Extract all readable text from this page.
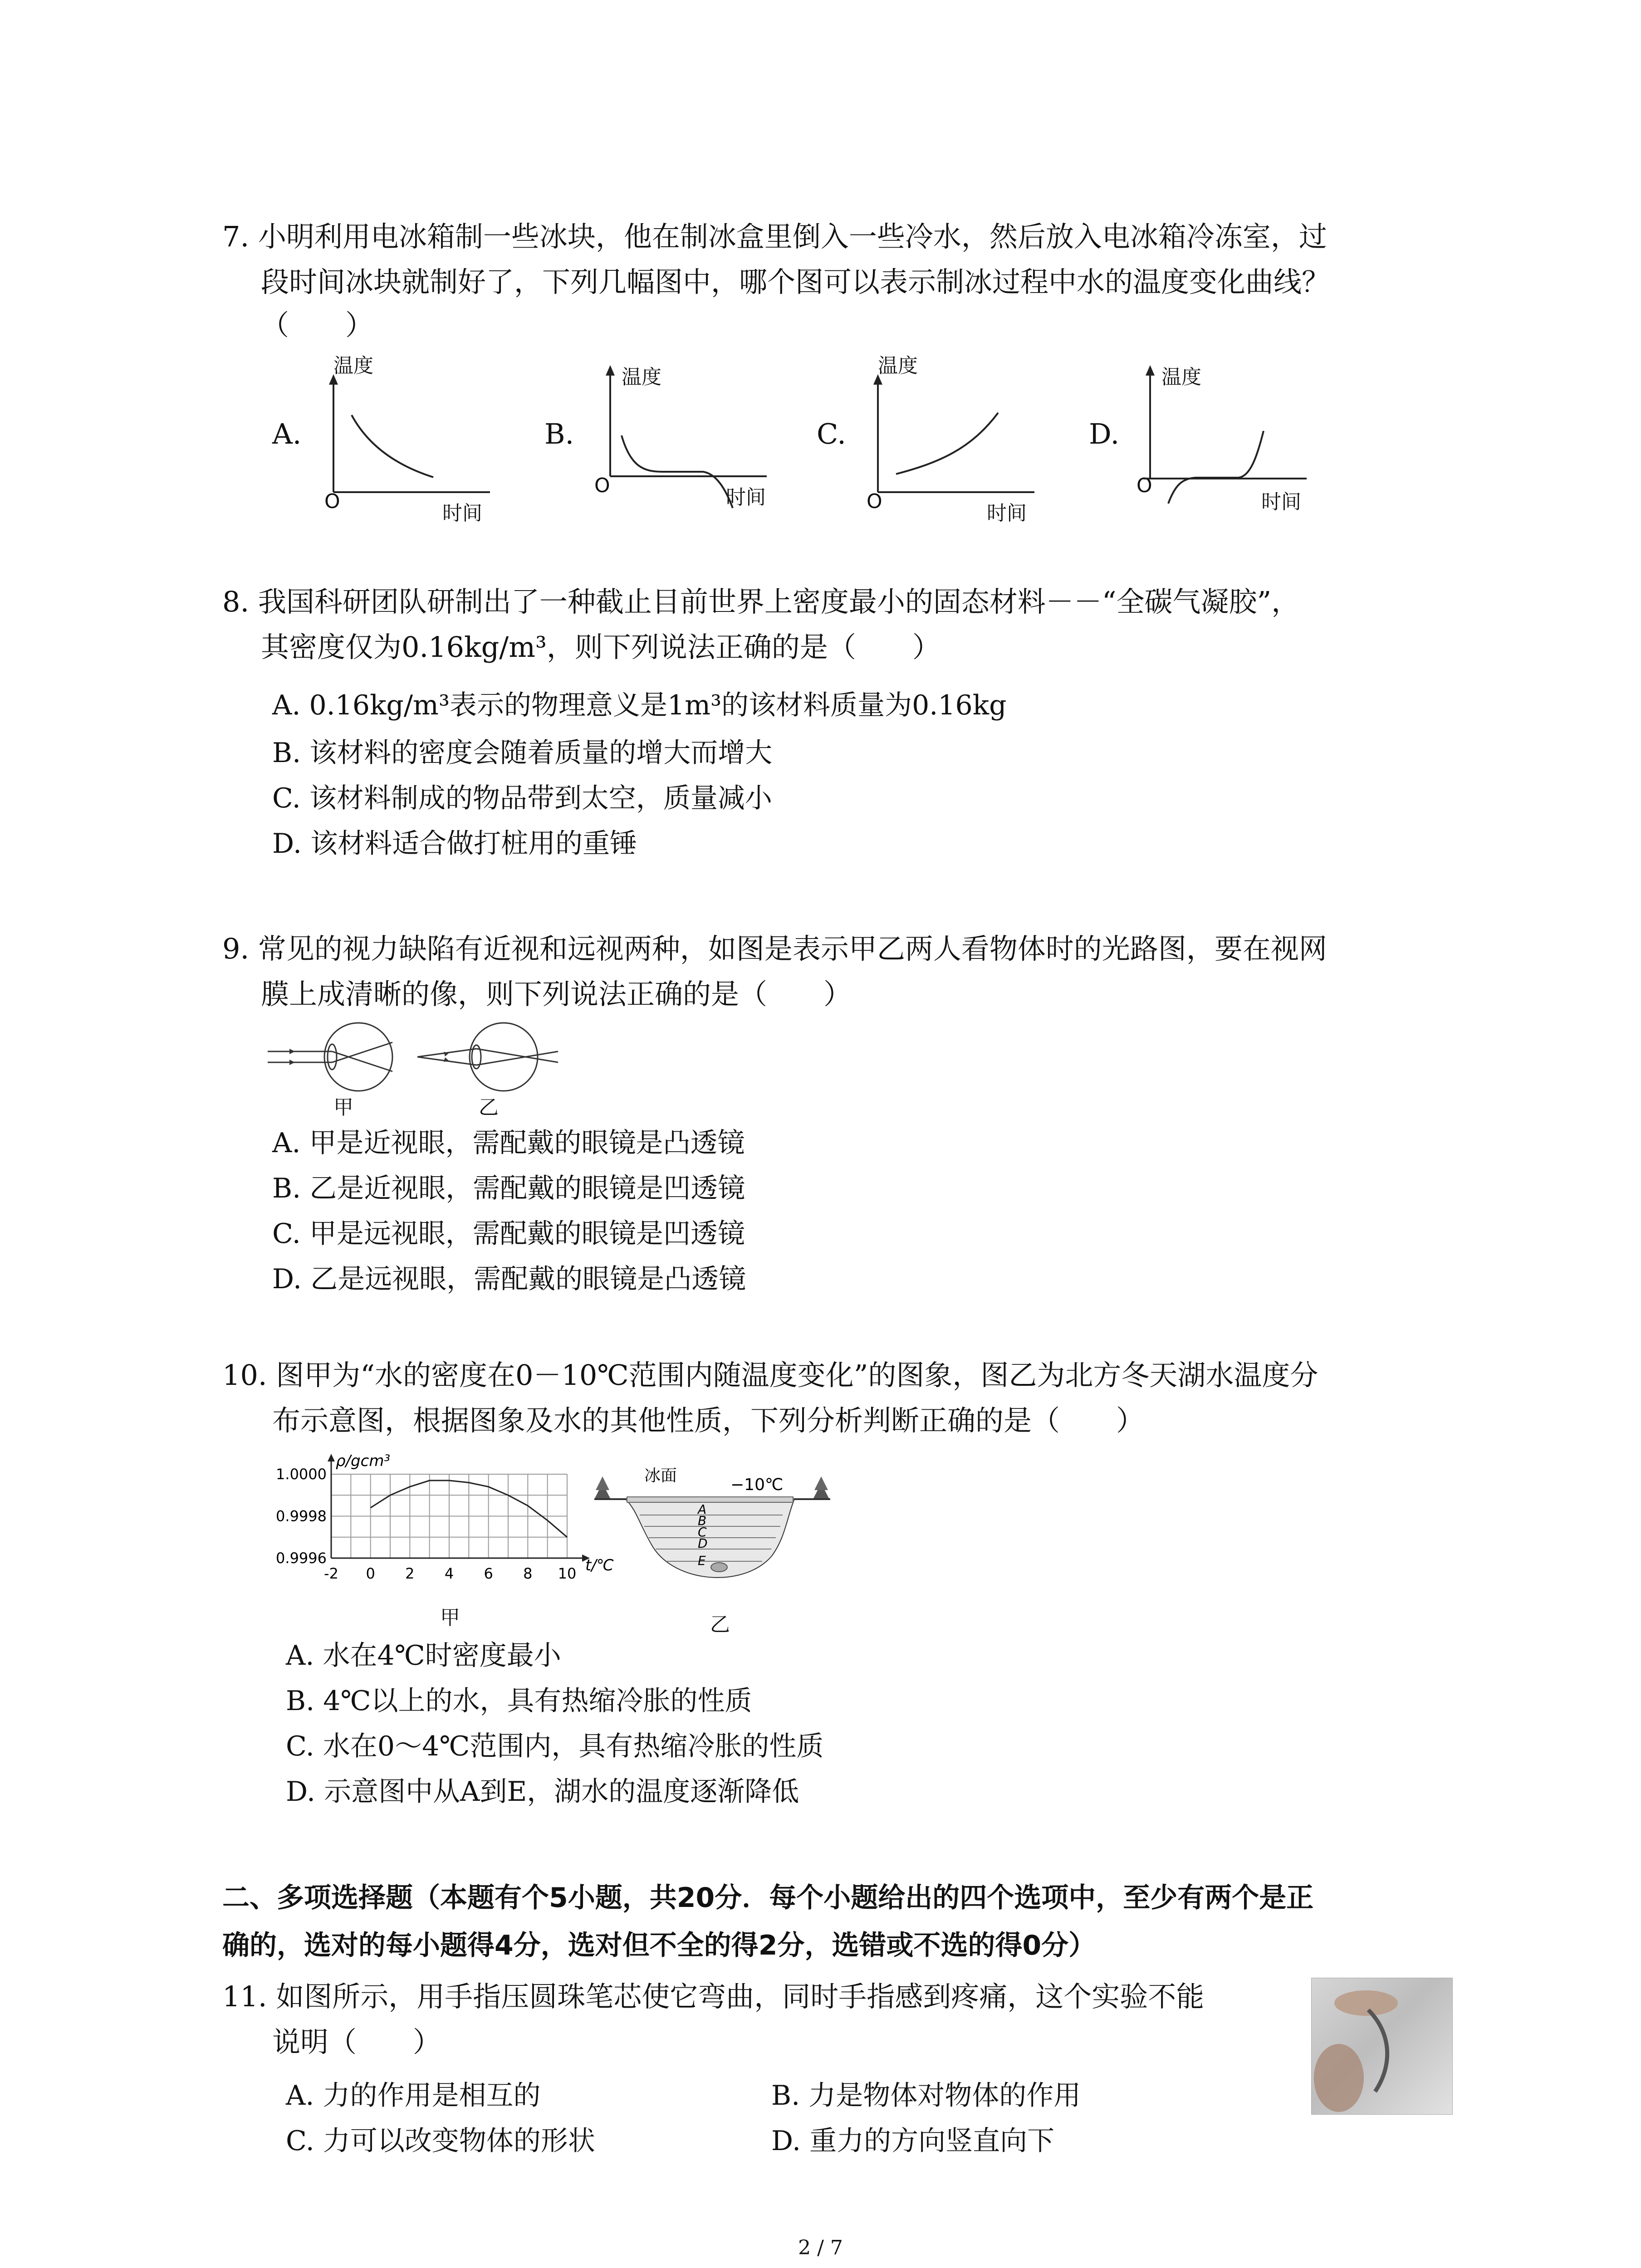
7. 小明利用电冰箱制一些冰块，他在制冰盒里倒入一些冷水，然后放入电冰箱冷冻室，过
段时间冰块就制好了，下列几幅图中，哪个图可以表示制冰过程中水的温度变化曲线？
（　　）
A.
温度
时间
O
B.
温度
时间
O
C.
温度
时间
O
D.
温度
时间
O
8. 我国科研团队研制出了一种截止目前世界上密度最小的固态材料－－“全碳气凝胶”，
其密度仅为0.16kg/m³，则下列说法正确的是（　　）
A. 0.16kg/m³表示的物理意义是1m³的该材料质量为0.16kg
B. 该材料的密度会随着质量的增大而增大
C. 该材料制成的物品带到太空，质量减小
D. 该材料适合做打桩用的重锤
9. 常见的视力缺陷有近视和远视两种，如图是表示甲乙两人看物体时的光路图，要在视网
膜上成清晰的像，则下列说法正确的是（　　）
甲	乙
A. 甲是近视眼，需配戴的眼镜是凸透镜
B. 乙是近视眼，需配戴的眼镜是凹透镜
C. 甲是远视眼，需配戴的眼镜是凹透镜
D. 乙是远视眼，需配戴的眼镜是凸透镜
10. 图甲为“水的密度在0－10℃范围内随温度变化”的图象，图乙为北方冬天湖水温度分
布示意图，根据图象及水的其他性质，下列分析判断正确的是（　　）
-2 0 2 4 6 8 10
1.0000
0.9998
0.9996
ρ/gcm³
t/℃
甲
冰面	−10℃
A
B
C
D
E
乙
A. 水在4℃时密度最小
B. 4℃以上的水，具有热缩冷胀的性质
C. 水在0～4℃范围内，具有热缩冷胀的性质
D. 示意图中从A到E，湖水的温度逐渐降低
二、多项选择题（本题有个5小题，共20分．每个小题给出的四个选项中，至少有两个是正
确的，选对的每小题得4分，选对但不全的得2分，选错或不选的得0分）
11. 如图所示，用手指压圆珠笔芯使它弯曲，同时手指感到疼痛，这个实验不能
说明（　　）
A. 力的作用是相互的	B. 力是物体对物体的作用
C. 力可以改变物体的形状	D. 重力的方向竖直向下
2 / 7
